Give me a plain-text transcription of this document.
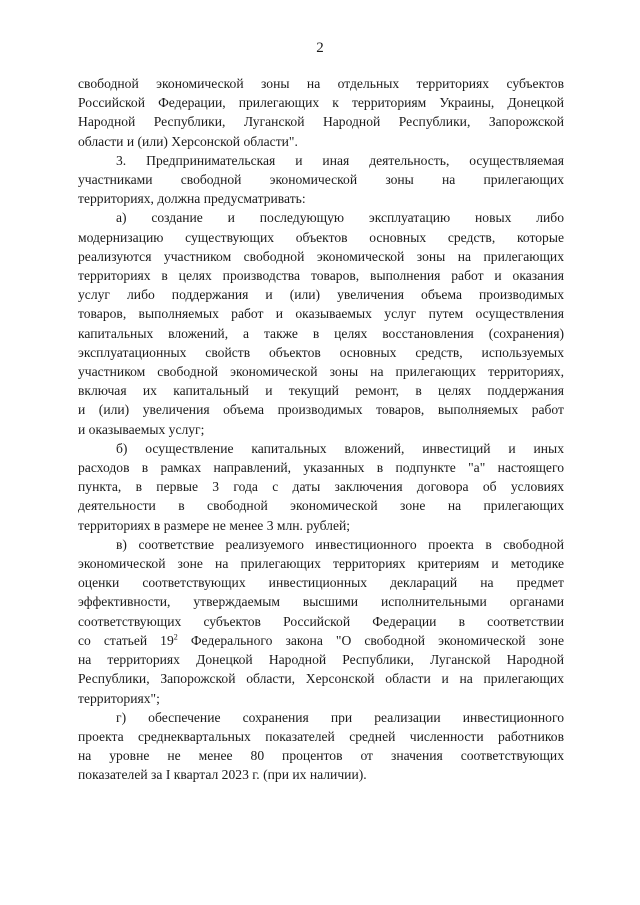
2

свободной экономической зоны на отдельных территориях субъектов

Российской Федерации, прилегающих к территориям Украины, Донецкой

Народной Республики, Луганской Народной Республики, Запорожской

области и (или) Херсонской области".

3. Предпринимательская и иная деятельность, осуществляемая

участниками свободной экономической зоны на прилегающих

территориях, должна предусматривать:

а) создание и последующую эксплуатацию новых либо

модернизацию существующих объектов основных средств, которые

реализуются участником свободной экономической зоны на прилегающих

территориях в целях производства товаров, выполнения работ и оказания

услуг либо поддержания и (или) увеличения объема производимых

товаров, выполняемых работ и оказываемых услуг путем осуществления

капитальных вложений, а также в целях восстановления (сохранения)

эксплуатационных свойств объектов основных средств, используемых

участником свободной экономической зоны на прилегающих территориях,

включая их капитальный и текущий ремонт, в целях поддержания

и (или) увеличения объема производимых товаров, выполняемых работ

и оказываемых услуг;

б) осуществление капитальных вложений, инвестиций и иных

расходов в рамках направлений, указанных в подпункте "а" настоящего

пункта, в первые 3 года с даты заключения договора об условиях

деятельности в свободной экономической зоне на прилегающих

территориях в размере не менее 3 млн. рублей;

в) соответствие реализуемого инвестиционного проекта в свободной

экономической зоне на прилегающих территориях критериям и методике

оценки соответствующих инвестиционных деклараций на предмет

эффективности, утверждаемым высшими исполнительными органами

соответствующих субъектов Российской Федерации в соответствии

со статьей $19^2$ Федерального закона "О свободной экономической зоне

на территориях Донецкой Народной Республики, Луганской Народной

Республики, Запорожской области, Херсонской области и на прилегающих

территориях";

г) обеспечение сохранения при реализации инвестиционного

проекта среднеквартальных показателей средней численности работников

на уровне не менее 80 процентов от значения соответствующих

показателей за I квартал 2023 г. (при их наличии).
